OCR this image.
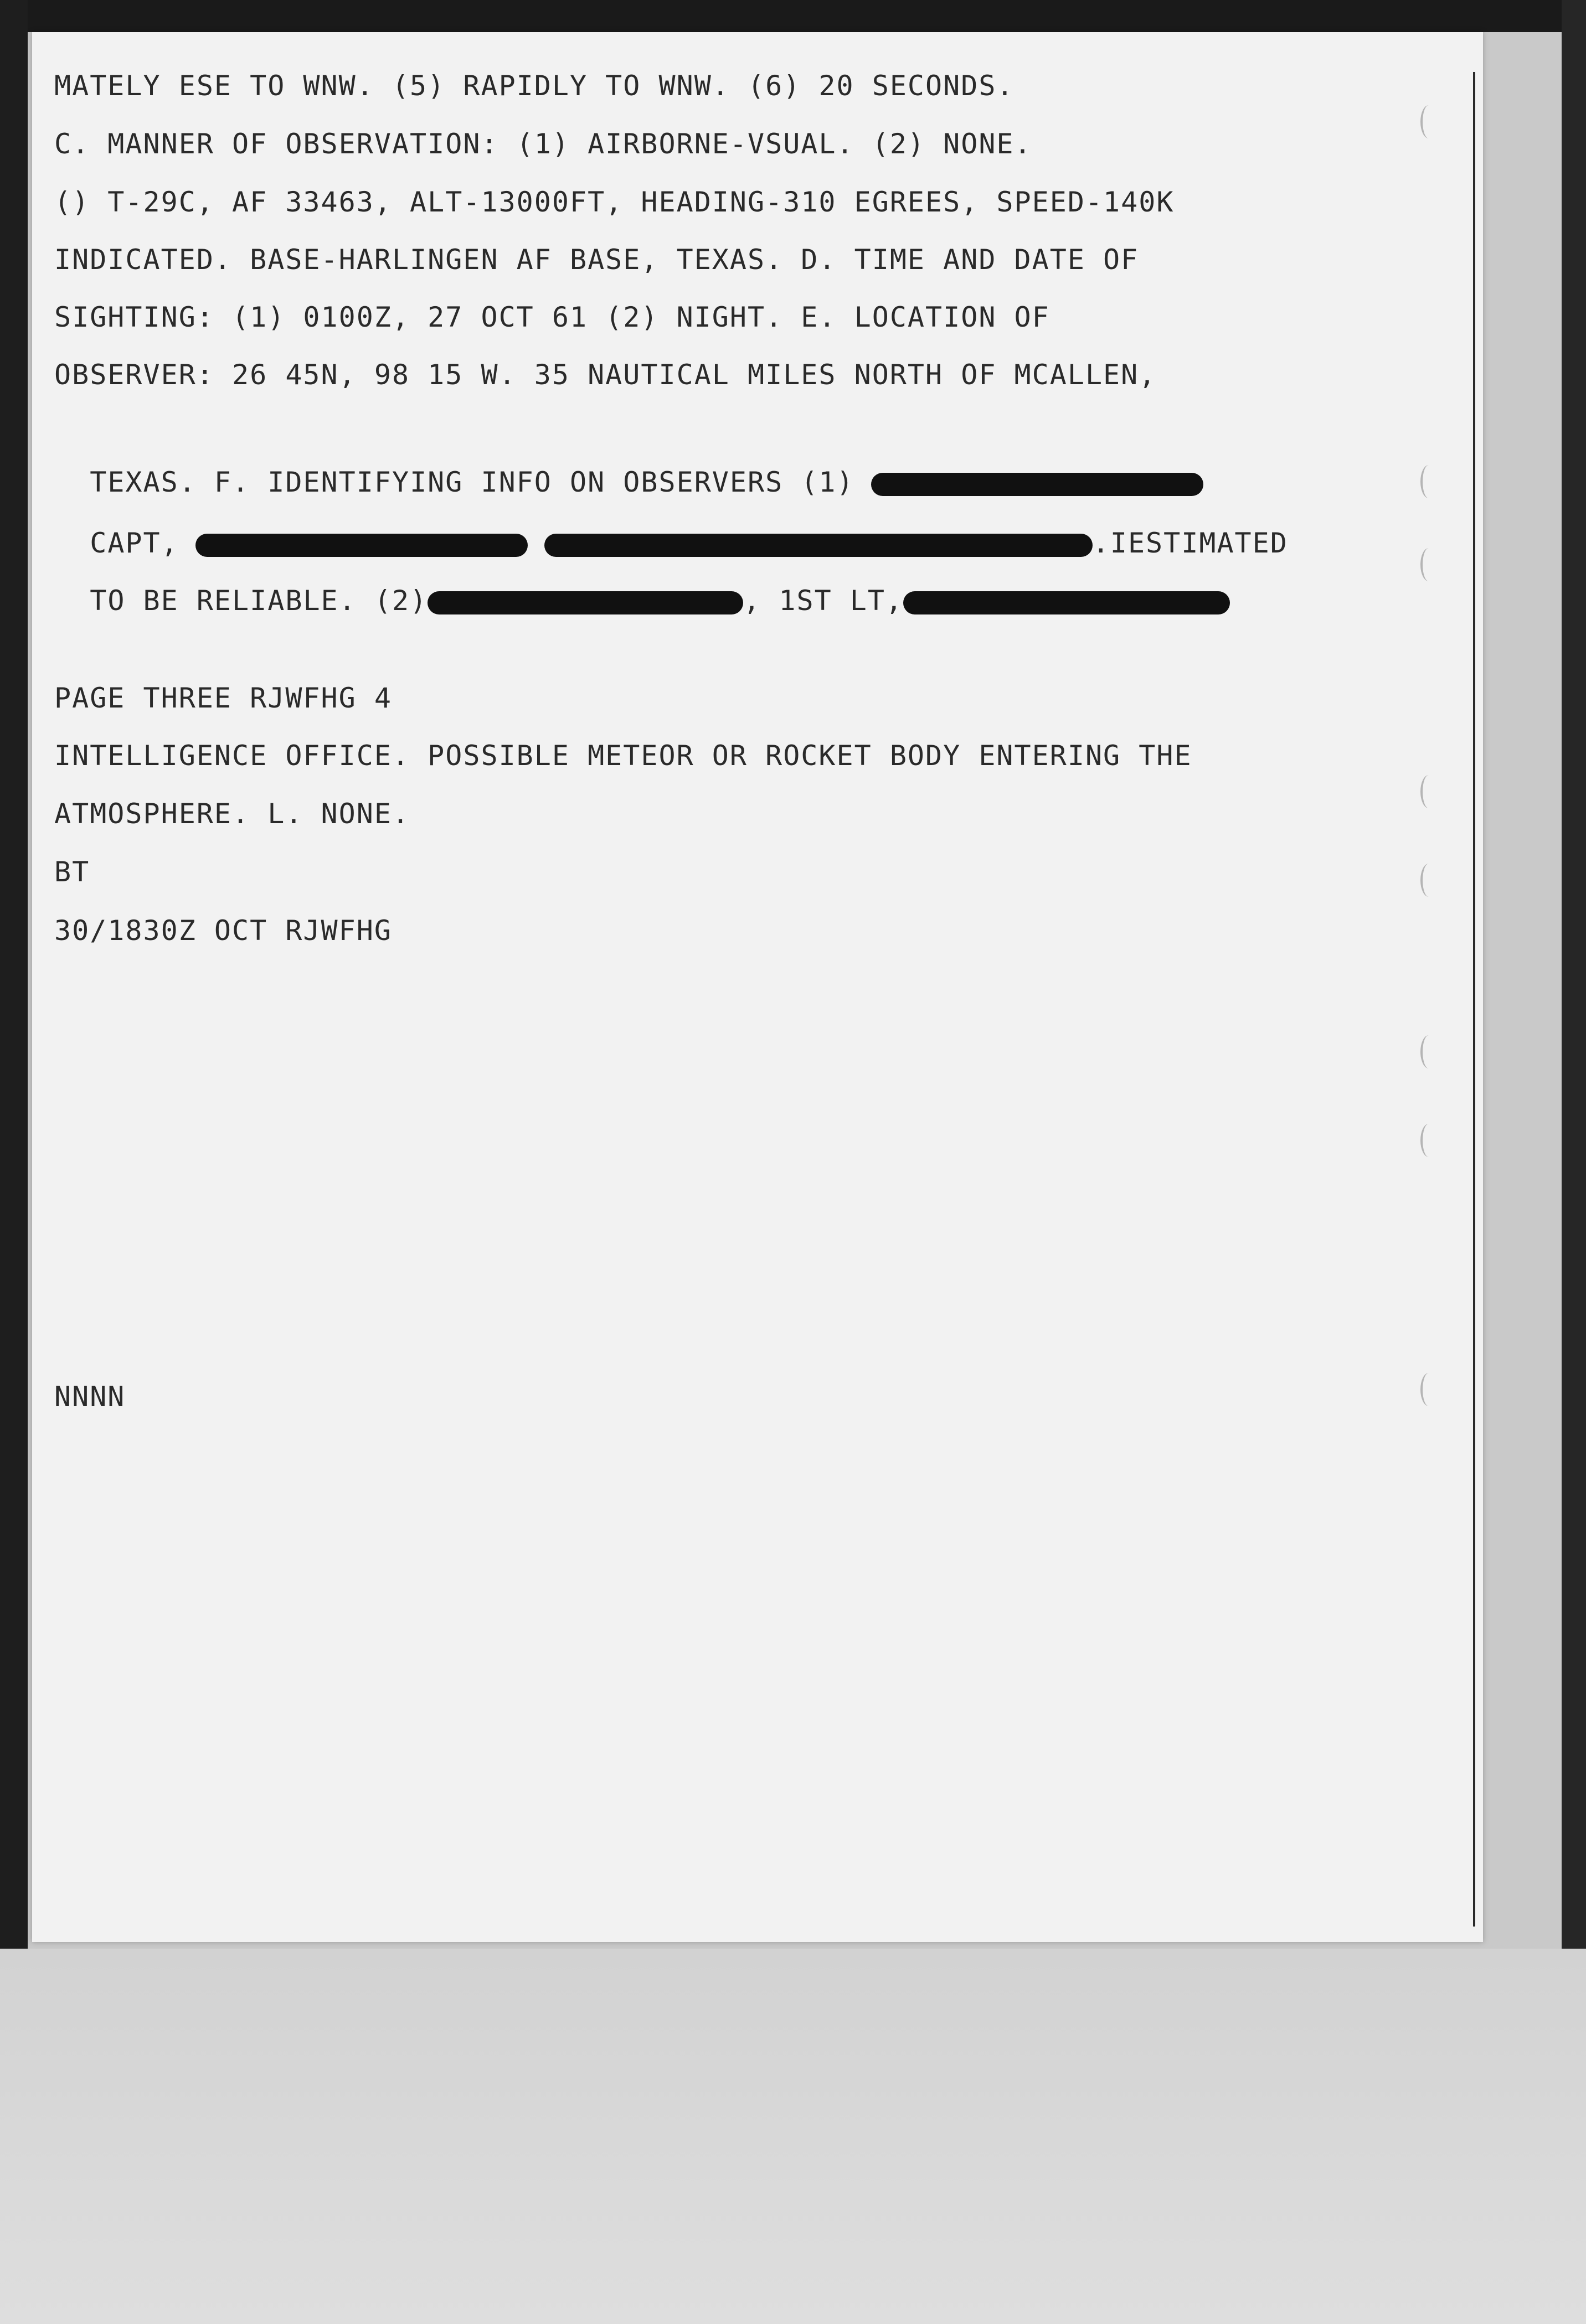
MATELY ESE TO WNW. (5) RAPIDLY TO WNW. (6) 20 SECONDS.
C. MANNER OF OBSERVATION: (1) AIRBORNE-VSUAL. (2) NONE.
() T-29C, AF 33463, ALT-13000FT, HEADING-310 EGREES, SPEED-140K
INDICATED. BASE-HARLINGEN AF BASE, TEXAS. D. TIME AND DATE OF
SIGHTING: (1) 0100Z, 27 OCT 61 (2) NIGHT. E. LOCATION OF
OBSERVER: 26 45N, 98 15 W. 35 NAUTICAL MILES NORTH OF MCALLEN,

TEXAS. F. IDENTIFYING INFO ON OBSERVERS (1)

CAPT,	.IESTIMATED

TO BE RELIABLE. (2)	, 1ST LT,

PAGE THREE RJWFHG 4
INTELLIGENCE OFFICE. POSSIBLE METEOR OR ROCKET BODY ENTERING THE
ATMOSPHERE. L. NONE.
BT
30/1830Z OCT RJWFHG
NNNN
